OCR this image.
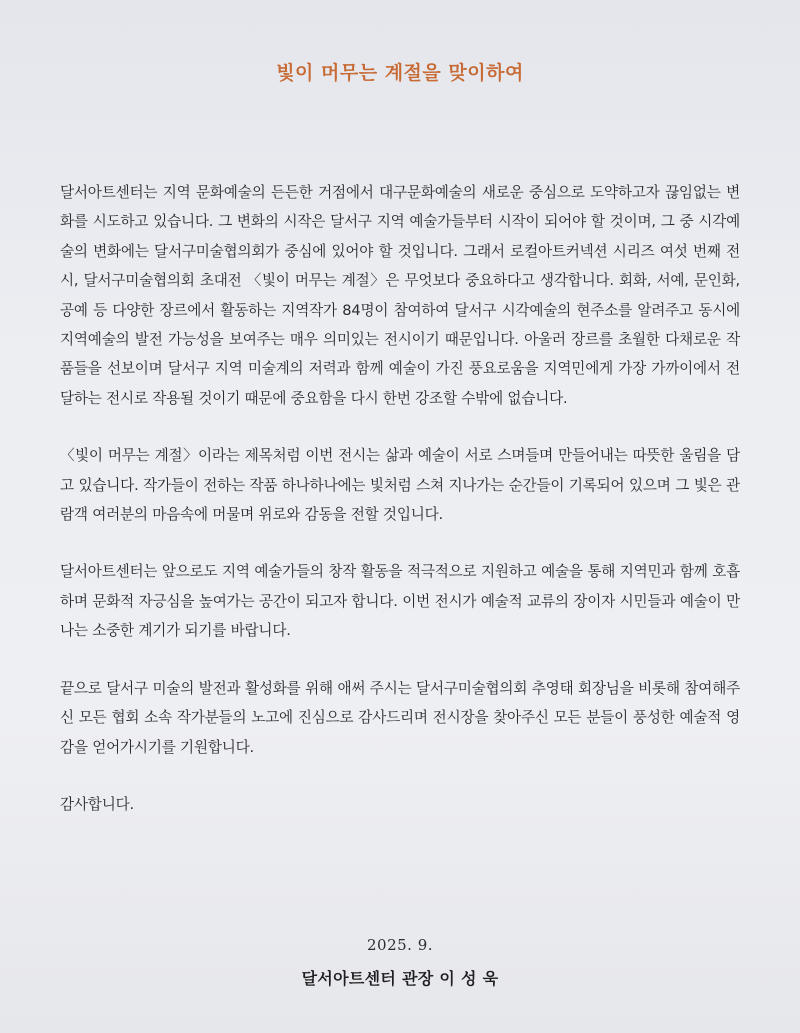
빛이 머무는 계절을 맞이하여

달서아트센터는 지역 문화예술의 든든한 거점에서 대구문화예술의 새로운 중심으로 도약하고자 끊임없는 변화를 시도하고 있습니다. 그 변화의 시작은 달서구 지역 예술가들부터 시작이 되어야 할 것이며, 그 중 시각예술의 변화에는 달서구미술협의회가 중심에 있어야 할 것입니다. 그래서 로컬아트커넥션 시리즈 여섯 번째 전시, 달서구미술협의회 초대전 〈빛이 머무는 계절〉은 무엇보다 중요하다고 생각합니다. 회화, 서예, 문인화, 공예 등 다양한 장르에서 활동하는 지역작가 84명이 참여하여 달서구 시각예술의 현주소를 알려주고 동시에 지역예술의 발전 가능성을 보여주는 매우 의미있는 전시이기 때문입니다. 아울러 장르를 초월한 다채로운 작품들을 선보이며 달서구 지역 미술계의 저력과 함께 예술이 가진 풍요로움을 지역민에게 가장 가까이에서 전달하는 전시로 작용될 것이기 때문에 중요함을 다시 한번 강조할 수밖에 없습니다.

〈빛이 머무는 계절〉이라는 제목처럼 이번 전시는 삶과 예술이 서로 스며들며 만들어내는 따뜻한 울림을 담고 있습니다. 작가들이 전하는 작품 하나하나에는 빛처럼 스쳐 지나가는 순간들이 기록되어 있으며 그 빛은 관람객 여러분의 마음속에 머물며 위로와 감동을 전할 것입니다.

달서아트센터는 앞으로도 지역 예술가들의 창작 활동을 적극적으로 지원하고 예술을 통해 지역민과 함께 호흡하며 문화적 자긍심을 높여가는 공간이 되고자 합니다. 이번 전시가 예술적 교류의 장이자 시민들과 예술이 만나는 소중한 계기가 되기를 바랍니다.

끝으로 달서구 미술의 발전과 활성화를 위해 애써 주시는 달서구미술협의회 추영태 회장님을 비롯해 참여해주신 모든 협회 소속 작가분들의 노고에 진심으로 감사드리며 전시장을 찾아주신 모든 분들이 풍성한 예술적 영감을 얻어가시기를 기원합니다.

감사합니다.

2025. 9.
달서아트센터 관장 이 성 욱
